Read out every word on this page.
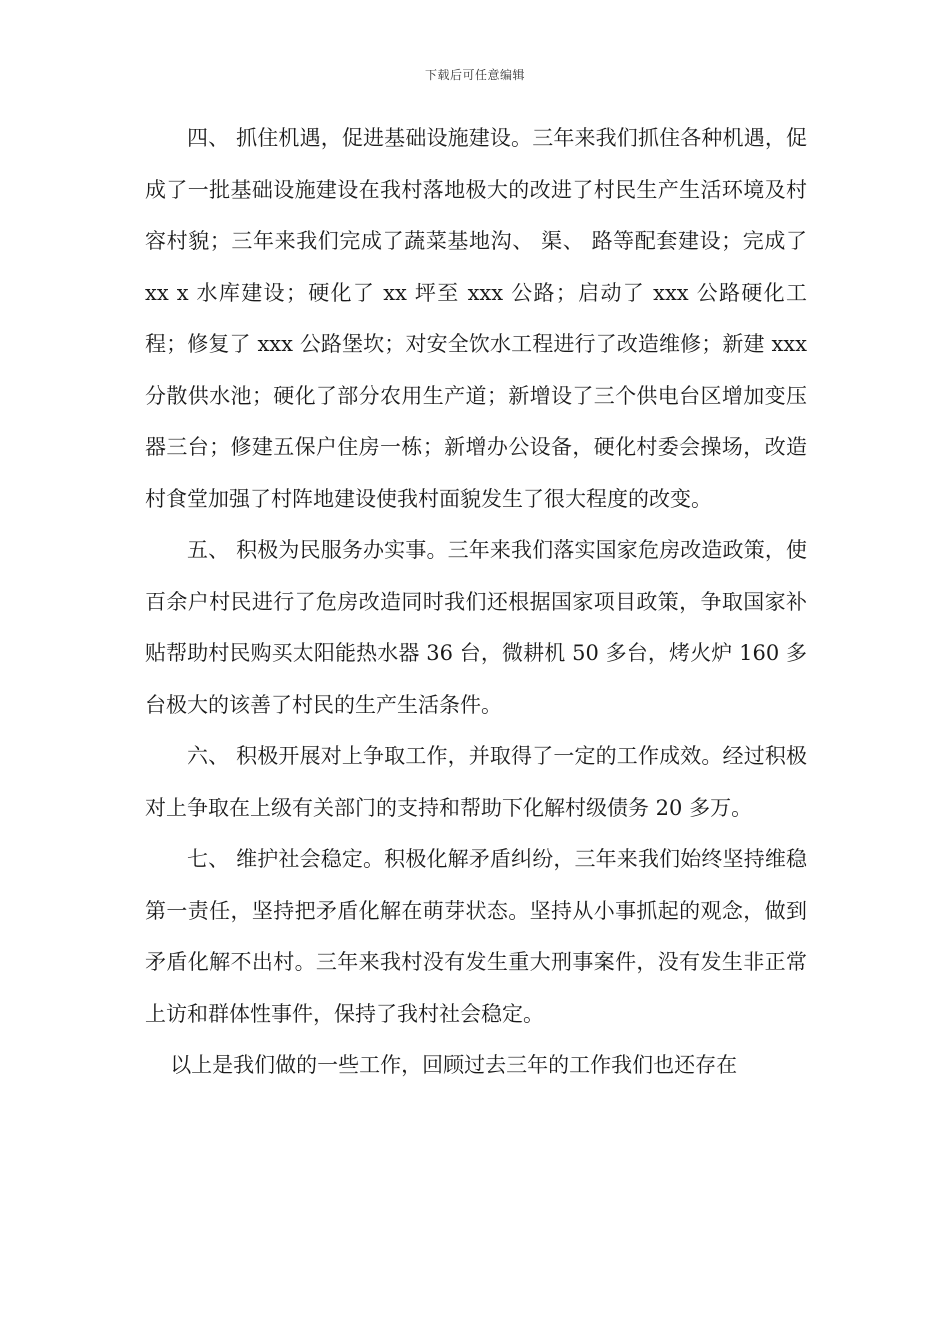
下载后可任意编辑

四、 抓住机遇，促进基础设施建设。三年来我们抓住各种机遇，促成了一批基础设施建设在我村落地极大的改进了村民生产生活环境及村容村貌；三年来我们完成了蔬菜基地沟、 渠、 路等配套建设；完成了 xx x 水库建设；硬化了 xx 坪至 xxx 公路；启动了 xxx 公路硬化工程；修复了 xxx 公路堡坎；对安全饮水工程进行了改造维修；新建 xxx 分散供水池；硬化了部分农用生产道；新增设了三个供电台区增加变压器三台；修建五保户住房一栋；新增办公设备，硬化村委会操场，改造村食堂加强了村阵地建设使我村面貌发生了很大程度的改变。

五、 积极为民服务办实事。三年来我们落实国家危房改造政策，使百余户村民进行了危房改造同时我们还根据国家项目政策，争取国家补贴帮助村民购买太阳能热水器 36 台，微耕机 50 多台，烤火炉 160 多台极大的该善了村民的生产生活条件。

六、 积极开展对上争取工作，并取得了一定的工作成效。经过积极对上争取在上级有关部门的支持和帮助下化解村级债务 20 多万。

七、 维护社会稳定。积极化解矛盾纠纷，三年来我们始终坚持维稳第一责任，坚持把矛盾化解在萌芽状态。坚持从小事抓起的观念，做到矛盾化解不出村。三年来我村没有发生重大刑事案件，没有发生非正常上访和群体性事件，保持了我村社会稳定。

以上是我们做的一些工作，回顾过去三年的工作我们也还存在
